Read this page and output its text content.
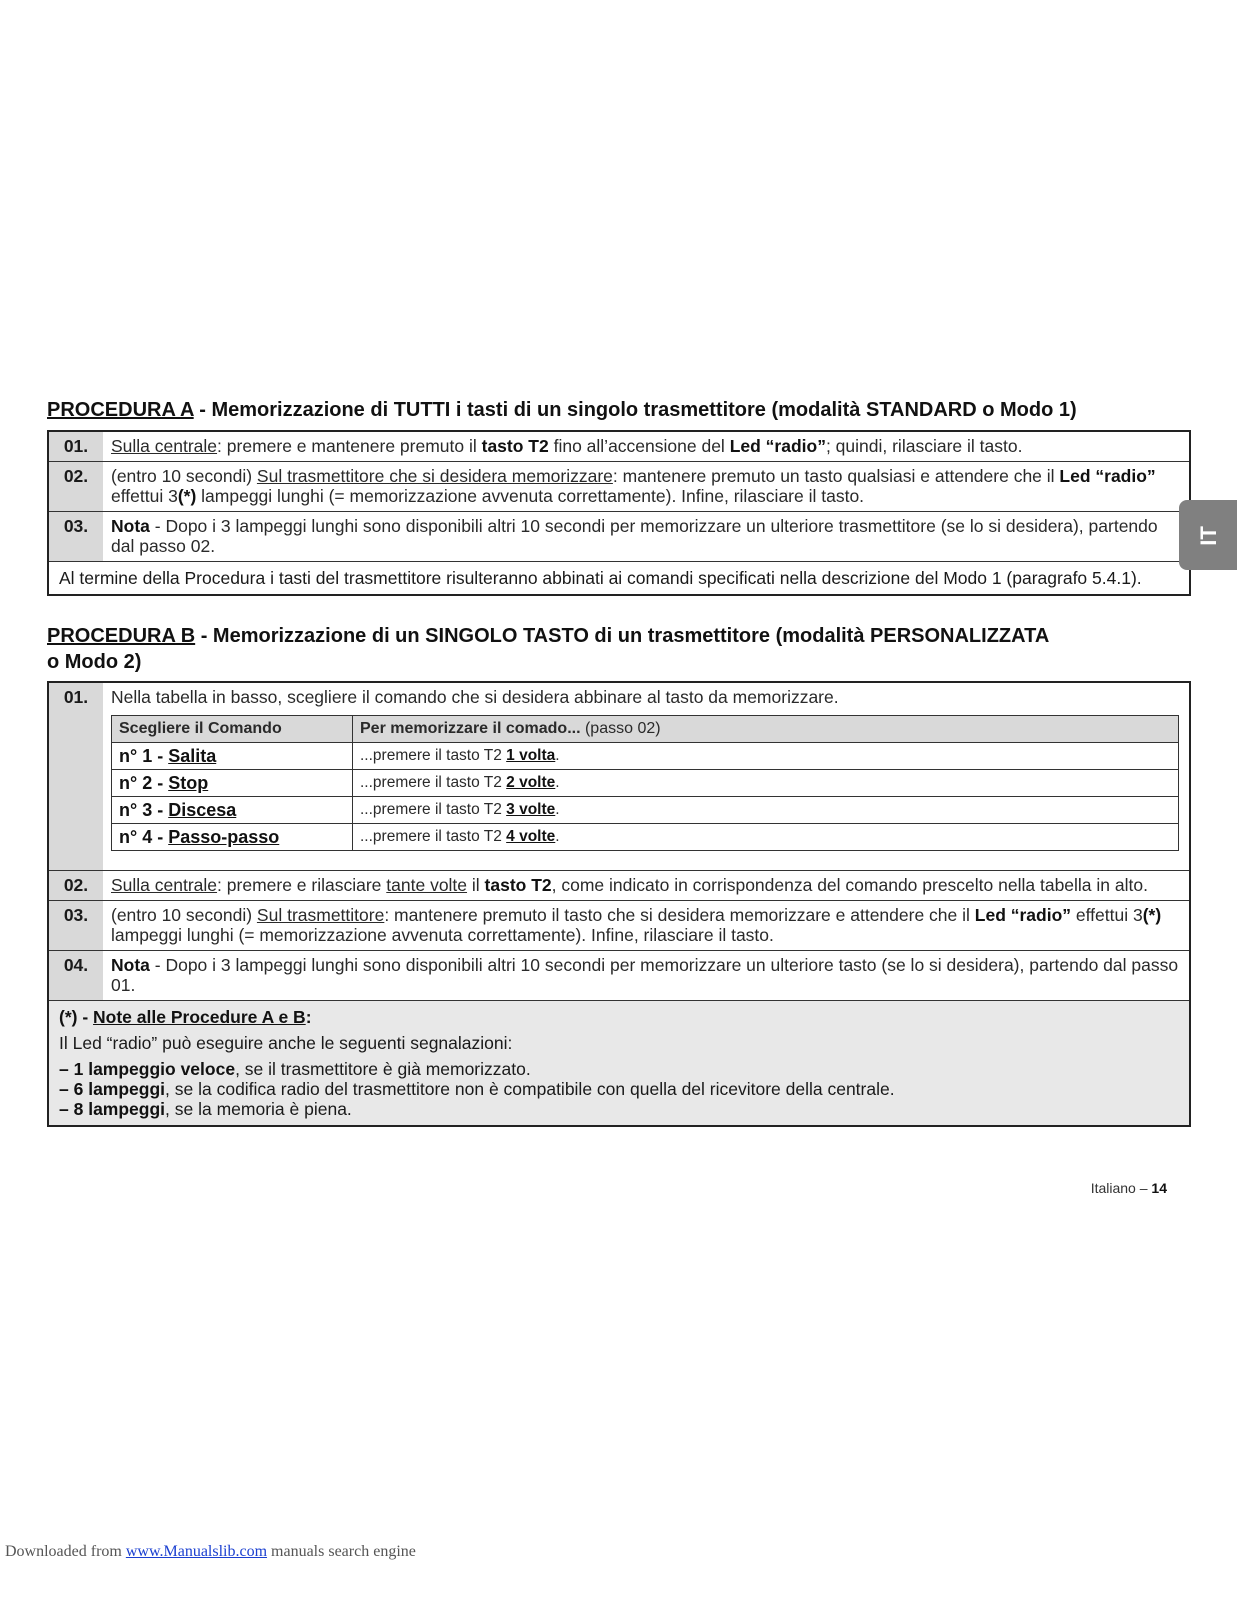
PROCEDURA A - Memorizzazione di TUTTI i tasti di un singolo trasmettitore (modalità STANDARD o Modo 1)
01.	Sulla centrale: premere e mantenere premuto il tasto T2 fino all’accensione del Led “radio”; quindi, rilasciare il tasto.
02.	(entro 10 secondi) Sul trasmettitore che si desidera memorizzare: mantenere premuto un tasto qualsiasi e attendere che il Led “radio” effettui 3(*) lampeggi lunghi (= memorizzazione avvenuta correttamente). Infine, rilasciare il tasto.
03.	Nota - Dopo i 3 lampeggi lunghi sono disponibili altri 10 secondi per memorizzare un ulteriore trasmettitore (se lo si desidera), partendo dal passo 02.
Al termine della Procedura i tasti del trasmettitore risulteranno abbinati ai comandi specificati nella descrizione del Modo 1 (paragrafo 5.4.1).	
PROCEDURA B - Memorizzazione di un SINGOLO TASTO di un trasmettitore (modalità PERSONALIZZATA
o Modo 2)
01.	Nella tabella in basso, scegliere il comando che si desidera abbinare al tasto da memorizzare.
Scegliere il Comando	Per memorizzare il comado... (passo 02)
n° 1 - Salita	...premere il tasto T2 1 volta.
n° 2 - Stop	...premere il tasto T2 2 volte.
n° 3 - Discesa	...premere il tasto T2 3 volte.
n° 4 - Passo-passo	...premere il tasto T2 4 volte.

02.	Sulla centrale: premere e rilasciare tante volte il tasto T2, come indicato in corrispondenza del comando prescelto nella tabella in alto.
03.	(entro 10 secondi) Sul trasmettitore: mantenere premuto il tasto che si desidera memorizzare e attendere che il Led “radio” effettui 3(*) lampeggi lunghi (= memorizzazione avvenuta correttamente). Infine, rilasciare il tasto.
04.	Nota - Dopo i 3 lampeggi lunghi sono disponibili altri 10 secondi per memorizzare un ulteriore tasto (se lo si desidera), partendo dal passo 01.

(*) - Note alle Procedure A e B:
Il Led “radio” può eseguire anche le seguenti segnalazioni:
– 1 lampeggio veloce, se il trasmettitore è già memorizzato.
– 6 lampeggi, se la codifica radio del trasmettitore non è compatibile con quella del ricevitore della centrale.
– 8 lampeggi, se la memoria è piena.
Italiano – 14
IT
Downloaded from www.Manualslib.com manuals search engine
